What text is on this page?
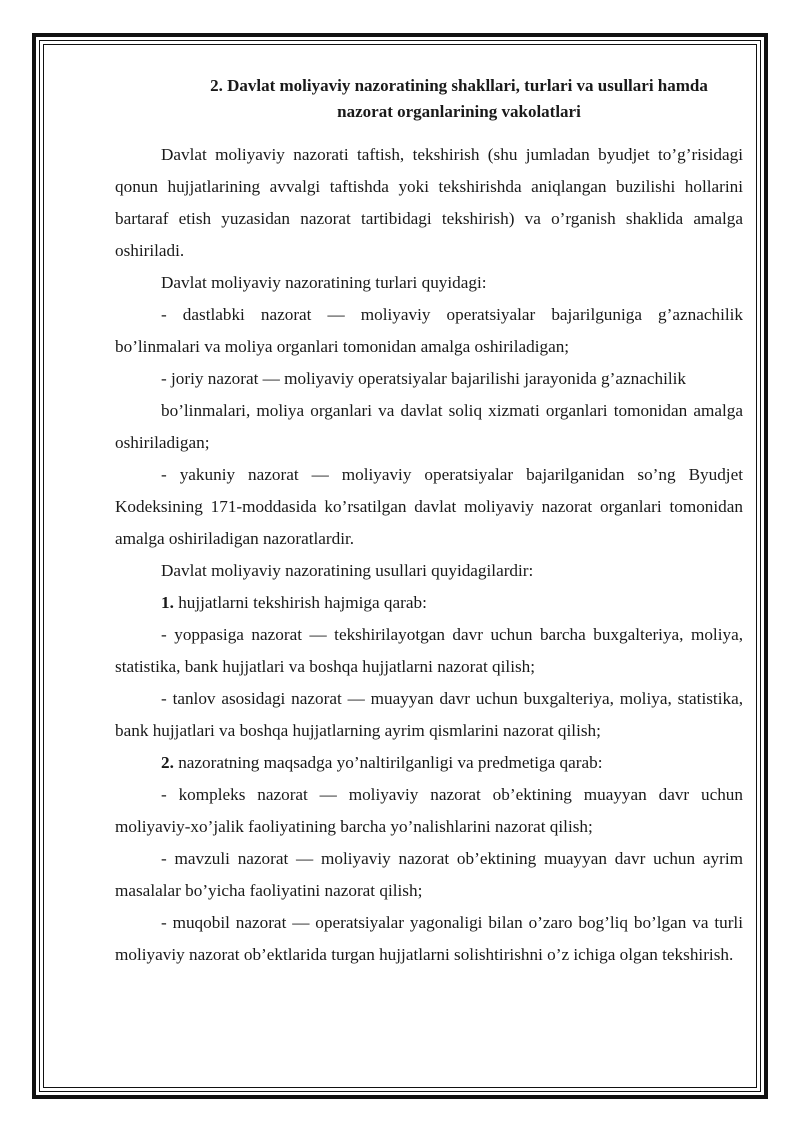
2. Davlat moliyaviy nazoratining shakllari, turlari va usullari hamda
nazorat organlarining vakolatlari

Davlat moliyaviy nazorati taftish, tekshirish (shu jumladan byudjet to’g’risidagi qonun hujjatlarining avvalgi taftishda yoki tekshirishda aniqlangan buzilishi hollarini bartaraf etish yuzasidan nazorat tartibidagi tekshirish) va o’rganish shaklida amalga oshiriladi.

Davlat moliyaviy nazoratining turlari quyidagi:

- dastlabki nazorat — moliyaviy operatsiyalar bajarilguniga g’aznachilik bo’linmalari va moliya organlari tomonidan amalga oshiriladigan;

- joriy nazorat — moliyaviy operatsiyalar bajarilishi jarayonida g’aznachilik

bo’linmalari, moliya organlari va davlat soliq xizmati organlari tomonidan amalga oshiriladigan;

- yakuniy nazorat — moliyaviy operatsiyalar bajarilganidan so’ng Byudjet Kodeksining 171-moddasida ko’rsatilgan davlat moliyaviy nazorat organlari tomonidan amalga oshiriladigan nazoratlardir.

Davlat moliyaviy nazoratining usullari quyidagilardir:

1. hujjatlarni tekshirish hajmiga qarab:

- yoppasiga nazorat — tekshirilayotgan davr uchun barcha buxgalteriya, moliya, statistika, bank hujjatlari va boshqa hujjatlarni nazorat qilish;

- tanlov asosidagi nazorat — muayyan davr uchun buxgalteriya, moliya, statistika, bank hujjatlari va boshqa hujjatlarning ayrim qismlarini nazorat qilish;

2. nazoratning maqsadga yo’naltirilganligi va predmetiga qarab:

- kompleks nazorat — moliyaviy nazorat ob’ektining muayyan davr uchun moliyaviy-xo’jalik faoliyatining barcha yo’nalishlarini nazorat qilish;

- mavzuli nazorat — moliyaviy nazorat ob’ektining muayyan davr uchun ayrim masalalar bo’yicha faoliyatini nazorat qilish;

- muqobil nazorat — operatsiyalar yagonaligi bilan o’zaro bog’liq bo’lgan va turli moliyaviy nazorat ob’ektlarida turgan hujjatlarni solishtirishni o’z ichiga olgan tekshirish.
